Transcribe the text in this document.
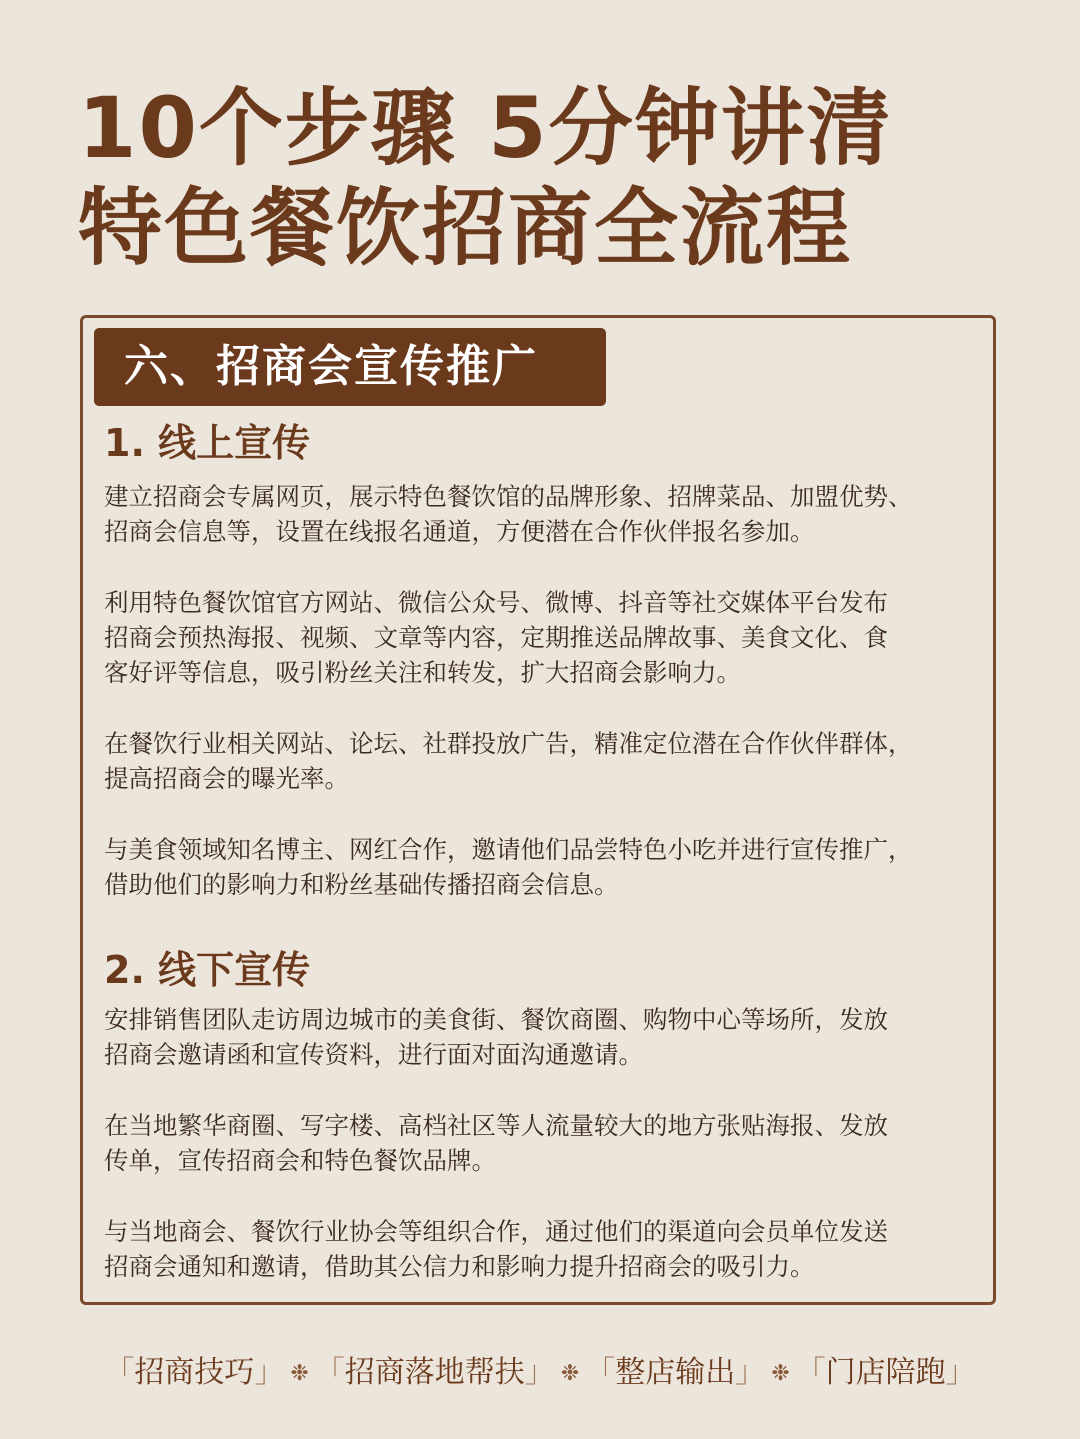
10个步骤 5分钟讲清
特色餐饮招商全流程
六、招商会宣传推广
1. 线上宣传
建立招商会专属网页，展示特色餐饮馆的品牌形象、招牌菜品、加盟优势、
招商会信息等，设置在线报名通道，方便潜在合作伙伴报名参加。
利用特色餐饮馆官方网站、微信公众号、微博、抖音等社交媒体平台发布
招商会预热海报、视频、文章等内容，定期推送品牌故事、美食文化、食
客好评等信息，吸引粉丝关注和转发，扩大招商会影响力。
在餐饮行业相关网站、论坛、社群投放广告，精准定位潜在合作伙伴群体，
提高招商会的曝光率。
与美食领域知名博主、网红合作，邀请他们品尝特色小吃并进行宣传推广，
借助他们的影响力和粉丝基础传播招商会信息。
2. 线下宣传
安排销售团队走访周边城市的美食街、餐饮商圈、购物中心等场所，发放
招商会邀请函和宣传资料，进行面对面沟通邀请。
在当地繁华商圈、写字楼、高档社区等人流量较大的地方张贴海报、发放
传单，宣传招商会和特色餐饮品牌。
与当地商会、餐饮行业协会等组织合作，通过他们的渠道向会员单位发送
招商会通知和邀请，借助其公信力和影响力提升招商会的吸引力。
「招商技巧」 ❉ 「招商落地帮扶」 ❉ 「整店输出」 ❉ 「门店陪跑」
